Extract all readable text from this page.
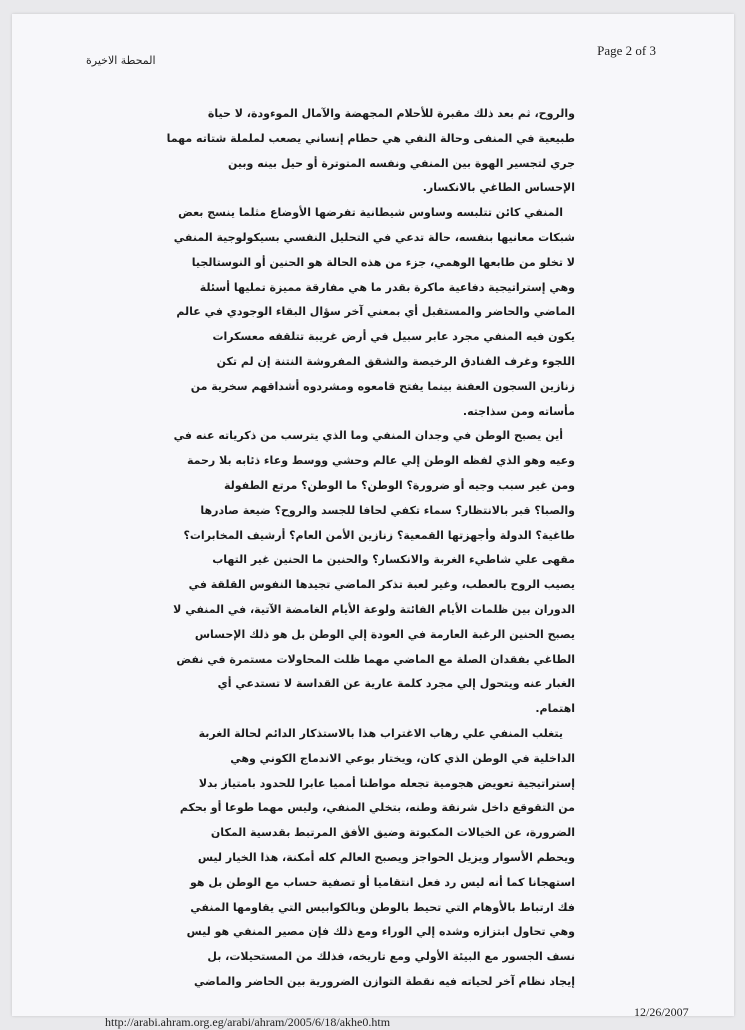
Page 2 of 3
المحطة الاخيرة
والروح، ثم بعد ذلك مقبرة للأحلام المجهضة والآمال الموءودة، لا حياة
طبيعية في المنفى وحالة النفي هي حطام إنساني يصعب لململة شتاته مهما
جري لتجسير الهوة بين المنفي ونفسه المتوترة أو حيل بينه وبين
الإحساس الطاغي بالانكسار.
المنفي كائن تتلبسه وساوس شيطانية تفرضها الأوضاع مثلما ينسج بعض
شبكات معانيها بنفسه، حالة تدعي في التحليل النفسي بسيكولوجية المنفي
لا تخلو من طابعها الوهمي، جزء من هذه الحالة هو الحنين أو النوستالجيا
وهي إستراتيجية دفاعية ماكرة بقدر ما هي مفارقة مميزة تمليها أسئلة
الماضي والحاضر والمستقبل أي بمعني آخر سؤال البقاء الوجودي في عالم
يكون فيه المنفي مجرد عابر سبيل في أرض غريبة تتلقفه معسكرات
اللجوء وغرف الفنادق الرخيصة والشقق المفروشة النتنة إن لم تكن
زنازين السجون العفنة بينما يفتح قامعوه ومشردوه أشداقهم سخرية من
مأساته ومن سذاجته.
أين يصبح الوطن في وجدان المنفي وما الذي يترسب من ذكرياته عنه في
وعيه وهو الذي لفظه الوطن إلي عالم وحشي ووسط وعاء ذئابه بلا رحمة
ومن غير سبب وجيه أو ضرورة؟ الوطن؟ ما الوطن؟ مرتع الطفولة
والصبا؟ قبر بالانتظار؟ سماء تكفي لحافا للجسد والروح؟ ضيعة صادرها
طاغية؟ الدولة وأجهزتها القمعية؟ زنازين الأمن العام؟ أرشيف المخابرات؟
مقهى علي شاطيء الغربة والانكسار؟ والحنين ما الحنين غير التهاب
يصيب الروح بالعطب، وغير لعبة تذكر الماضي تجيدها النفوس القلقة في
الدوران بين ظلمات الأيام الفائتة ولوعة الأيام الغامضة الآتية، في المنفي لا
يصبح الحنين الرغبة العارمة في العودة إلي الوطن بل هو ذلك الإحساس
الطاغي بفقدان الصلة مع الماضي مهما ظلت المحاولات مستمرة في نفض
الغبار عنه ويتحول إلي مجرد كلمة عارية عن القداسة لا تستدعي أي
اهتمام.
يتغلب المنفي علي رهاب الاغتراب هذا بالاستذكار الدائم لحالة الغربة
الداخلية في الوطن الذي كان، ويختار بوعي الاندماج الكوني وهي
إستراتيجية تعويض هجومية تجعله مواطنا أمميا عابرا للحدود بامتياز بدلا
من التقوقع داخل شرنقة وطنه، بتخلي المنفي، وليس مهما طوعا أو بحكم
الضرورة، عن الخيالات المكبوتة وضيق الأفق المرتبط بقدسية المكان
ويحطم الأسوار ويزيل الحواجز ويصبح العالم كله أمكنة، هذا الخيار ليس
استهجانا كما أنه ليس رد فعل انتقاميا أو تصفية حساب مع الوطن بل هو
فك ارتباط بالأوهام التي تحيط بالوطن وبالكوابيس التي يقاومها المنفي
وهي تحاول ابتزازه وشده إلي الوراء ومع ذلك فإن مصير المنفي هو ليس
نسف الجسور مع البيئة الأولي ومع تاريخه، فذلك من المستحيلات، بل
إيجاد نظام آخر لحياته فيه نقطة التوازن الضرورية بين الحاضر والماضي
http://arabi.ahram.org.eg/arabi/ahram/2005/6/18/akhe0.htm
12/26/2007
